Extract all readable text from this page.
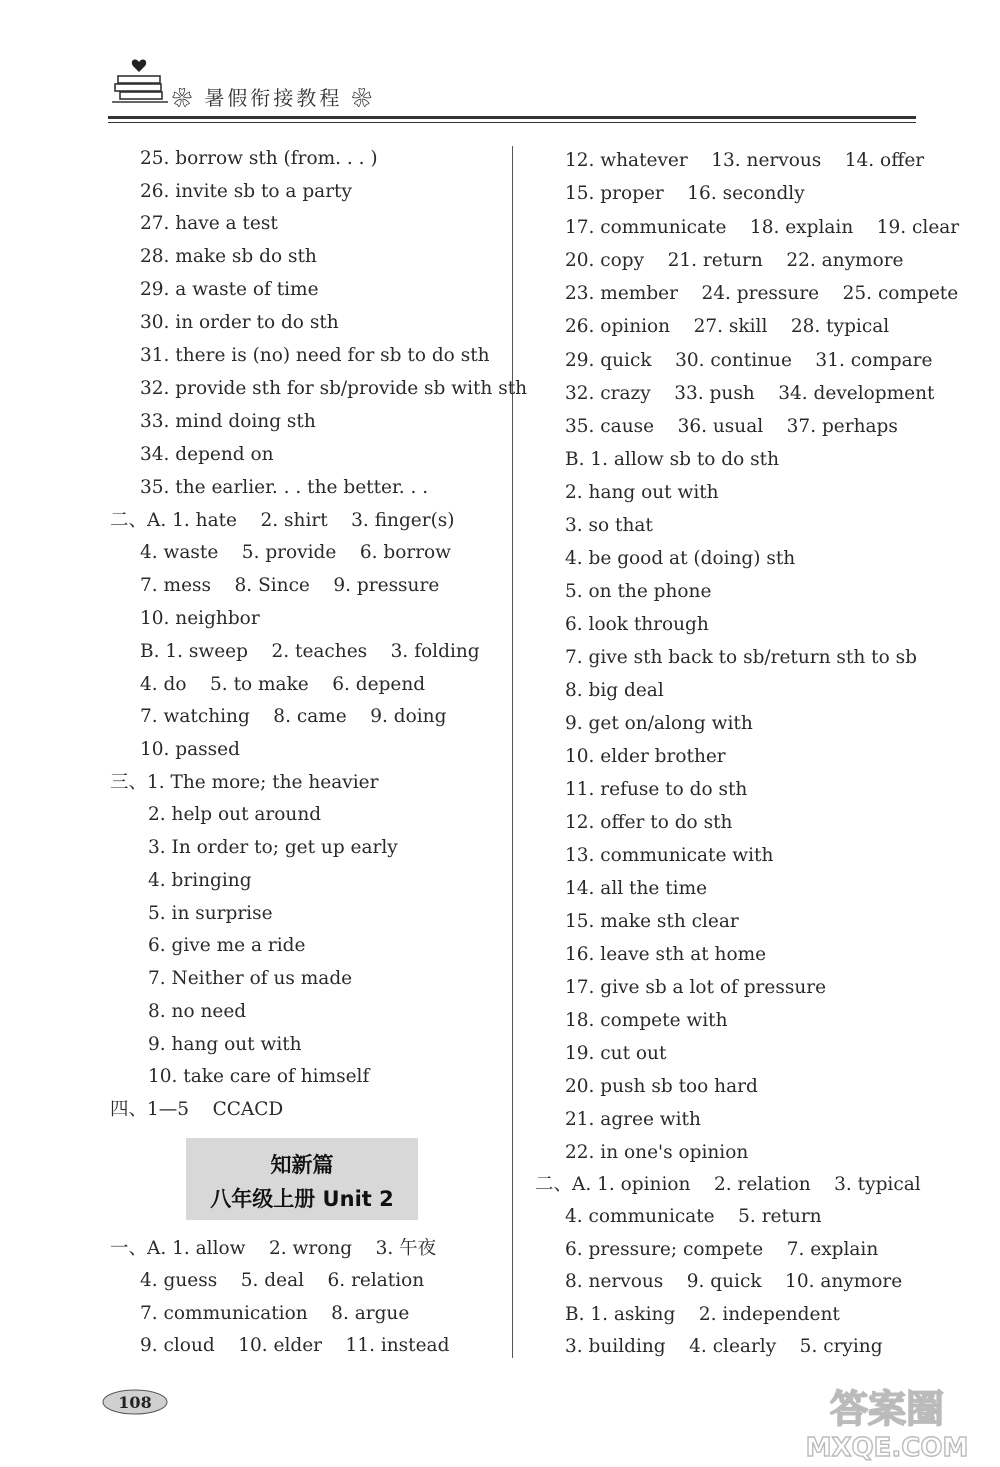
❀ 暑假衔接教程 ❀
25. borrow sth (from. . . )
26. invite sb to a party
27. have a test
28. make sb do sth
29. a waste of time
30. in order to do sth
31. there is (no) need for sb to do sth
32. provide sth for sb/provide sb with sth
33. mind doing sth
34. depend on
35. the earlier. . . the better. . .
二、A. 1. hate    2. shirt    3. finger(s)
4. waste    5. provide    6. borrow
7. mess    8. Since    9. pressure
10. neighbor
B. 1. sweep    2. teaches    3. folding
4. do    5. to make    6. depend
7. watching    8. came    9. doing
10. passed
三、1. The more; the heavier
2. help out around
3. In order to; get up early
4. bringing
5. in surprise
6. give me a ride
7. Neither of us made
8. no need
9. hang out with
10. take care of himself
四、1—5    CCACD
知新篇
八年级上册 Unit 2
一、A. 1. allow    2. wrong    3. 午夜
4. guess    5. deal    6. relation
7. communication    8. argue
9. cloud    10. elder    11. instead
12. whatever    13. nervous    14. offer
15. proper    16. secondly
17. communicate    18. explain    19. clear
20. copy    21. return    22. anymore
23. member    24. pressure    25. compete
26. opinion    27. skill    28. typical
29. quick    30. continue    31. compare
32. crazy    33. push    34. development
35. cause    36. usual    37. perhaps
B. 1. allow sb to do sth
2. hang out with
3. so that
4. be good at (doing) sth
5. on the phone
6. look through
7. give sth back to sb/return sth to sb
8. big deal
9. get on/along with
10. elder brother
11. refuse to do sth
12. offer to do sth
13. communicate with
14. all the time
15. make sth clear
16. leave sth at home
17. give sb a lot of pressure
18. compete with
19. cut out
20. push sb too hard
21. agree with
22. in one's opinion
二、A. 1. opinion    2. relation    3. typical
4. communicate    5. return
6. pressure; compete    7. explain
8. nervous    9. quick    10. anymore
B. 1. asking    2. independent
3. building    4. clearly    5. crying
108	答案圈
MXQE.COM
